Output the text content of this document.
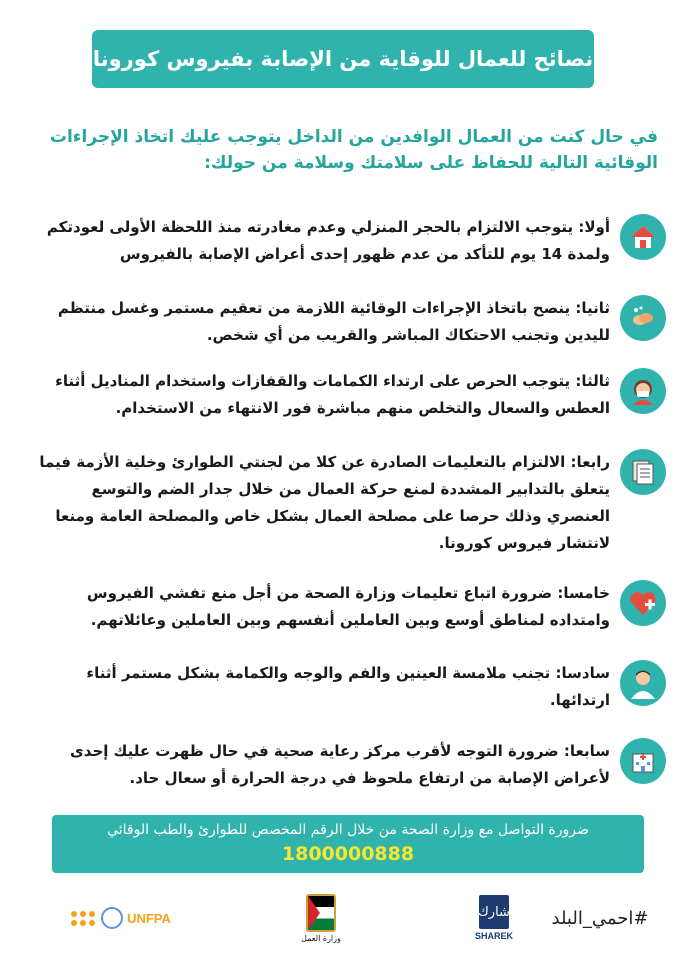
نصائح للعمال للوقاية من الإصابة بفيروس كورونا
في حال كنت من العمال الوافدين من الداخل يتوجب عليك اتخاذ الإجراءات الوقائية التالية للحفاظ على سلامتك وسلامة من حولك:
أولا: يتوجب الالتزام بالحجر المنزلي وعدم مغادرته منذ اللحظة الأولى لعودتكم ولمدة 14 يوم للتأكد من عدم ظهور إحدى أعراض الإصابة بالفيروس
ثانيا: ينصح باتخاذ الإجراءات الوقائية اللازمة من تعقيم مستمر وغسل منتظم لليدين وتجنب الاحتكاك المباشر والقريب من أي شخص.
ثالثا: يتوجب الحرص على ارتداء الكمامات والقفازات واستخدام المناديل أثناء العطس والسعال والتخلص منهم مباشرة فور الانتهاء من الاستخدام.
رابعا: الالتزام بالتعليمات الصادرة عن كلا من لجنتي الطوارئ وخلية الأزمة فيما يتعلق بالتدابير المشددة لمنع حركة العمال من خلال جدار الضم والتوسع العنصري وذلك حرصا على مصلحة العمال بشكل خاص والمصلحة العامة ومنعا لانتشار فيروس كورونا.
خامسا: ضرورة اتباع تعليمات وزارة الصحة من أجل منع تفشي الفيروس وامتداده لمناطق أوسع وبين العاملين أنفسهم وبين العاملين وعائلاتهم.
سادسا: تجنب ملامسة العينين والفم والوجه والكمامة بشكل مستمر أثناء ارتدائها.
سابعا: ضرورة التوجه لأقرب مركز رعاية صحية في حال ظهرت عليك إحدى لأعراض الإصابة من ارتفاع ملحوظ في درجة الحرارة أو سعال حاد.
ضرورة التواصل مع وزارة الصحة من خلال الرقم المخصص للطوارئ والطب الوقائي
1800000888
UNFPA
وزارة العمل
شارك
SHAREK
#احمي_البلد
